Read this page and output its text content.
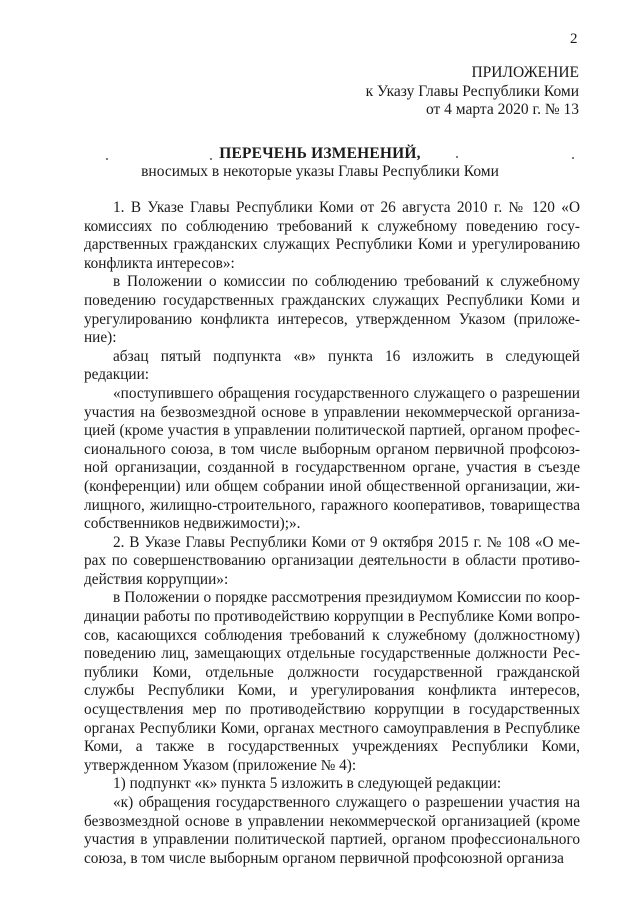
2
ПРИЛОЖЕНИЕ
к Указу Главы Республики Коми
от 4 марта 2020 г. № 13
ПЕРЕЧЕНЬ ИЗМЕНЕНИЙ,
вносимых в некоторые указы Главы Республики Коми

1. В Указе Главы Республики Коми от 26 августа 2010 г. № 120 «О комиссиях по соблюдению требований к служебному поведению государственных гражданских служащих Республики Коми и урегулированию конфликта интересов»:

в Положении о комиссии по соблюдению требований к служебному поведению государственных гражданских служащих Республики Коми и урегулированию конфликта интересов, утвержденном Указом (приложение):

абзац пятый подпункта «в» пункта 16 изложить в следующей редакции:

«поступившего обращения государственного служащего о разрешении участия на безвозмездной основе в управлении некоммерческой организацией (кроме участия в управлении политической партией, органом профессионального союза, в том числе выборным органом первичной профсоюзной организации, созданной в государственном органе, участия в съезде (конференции) или общем собрании иной общественной организации, жилищного, жилищно-строительного, гаражного кооперативов, товарищества собственников недвижимости);».

2. В Указе Главы Республики Коми от 9 октября 2015 г. № 108 «О мерах по совершенствованию организации деятельности в области противодействия коррупции»:

в Положении о порядке рассмотрения президиумом Комиссии по координации работы по противодействию коррупции в Республике Коми вопросов, касающихся соблюдения требований к служебному (должностному) поведению лиц, замещающих отдельные государственные должности Республики Коми, отдельные должности государственной гражданской службы Республики Коми, и урегулирования конфликта интересов, осуществления мер по противодействию коррупции в государственных органах Республики Коми, органах местного самоуправления в Республике Коми, а также в государственных учреждениях Республики Коми, утвержденном Указом (приложение № 4):

1) подпункт «к» пункта 5 изложить в следующей редакции:

«к) обращения государственного служащего о разрешении участия на безвозмездной основе в управлении некоммерческой организацией (кроме участия в управлении политической партией, органом профессионального союза, в том числе выборным органом первичной профсоюзной организа
